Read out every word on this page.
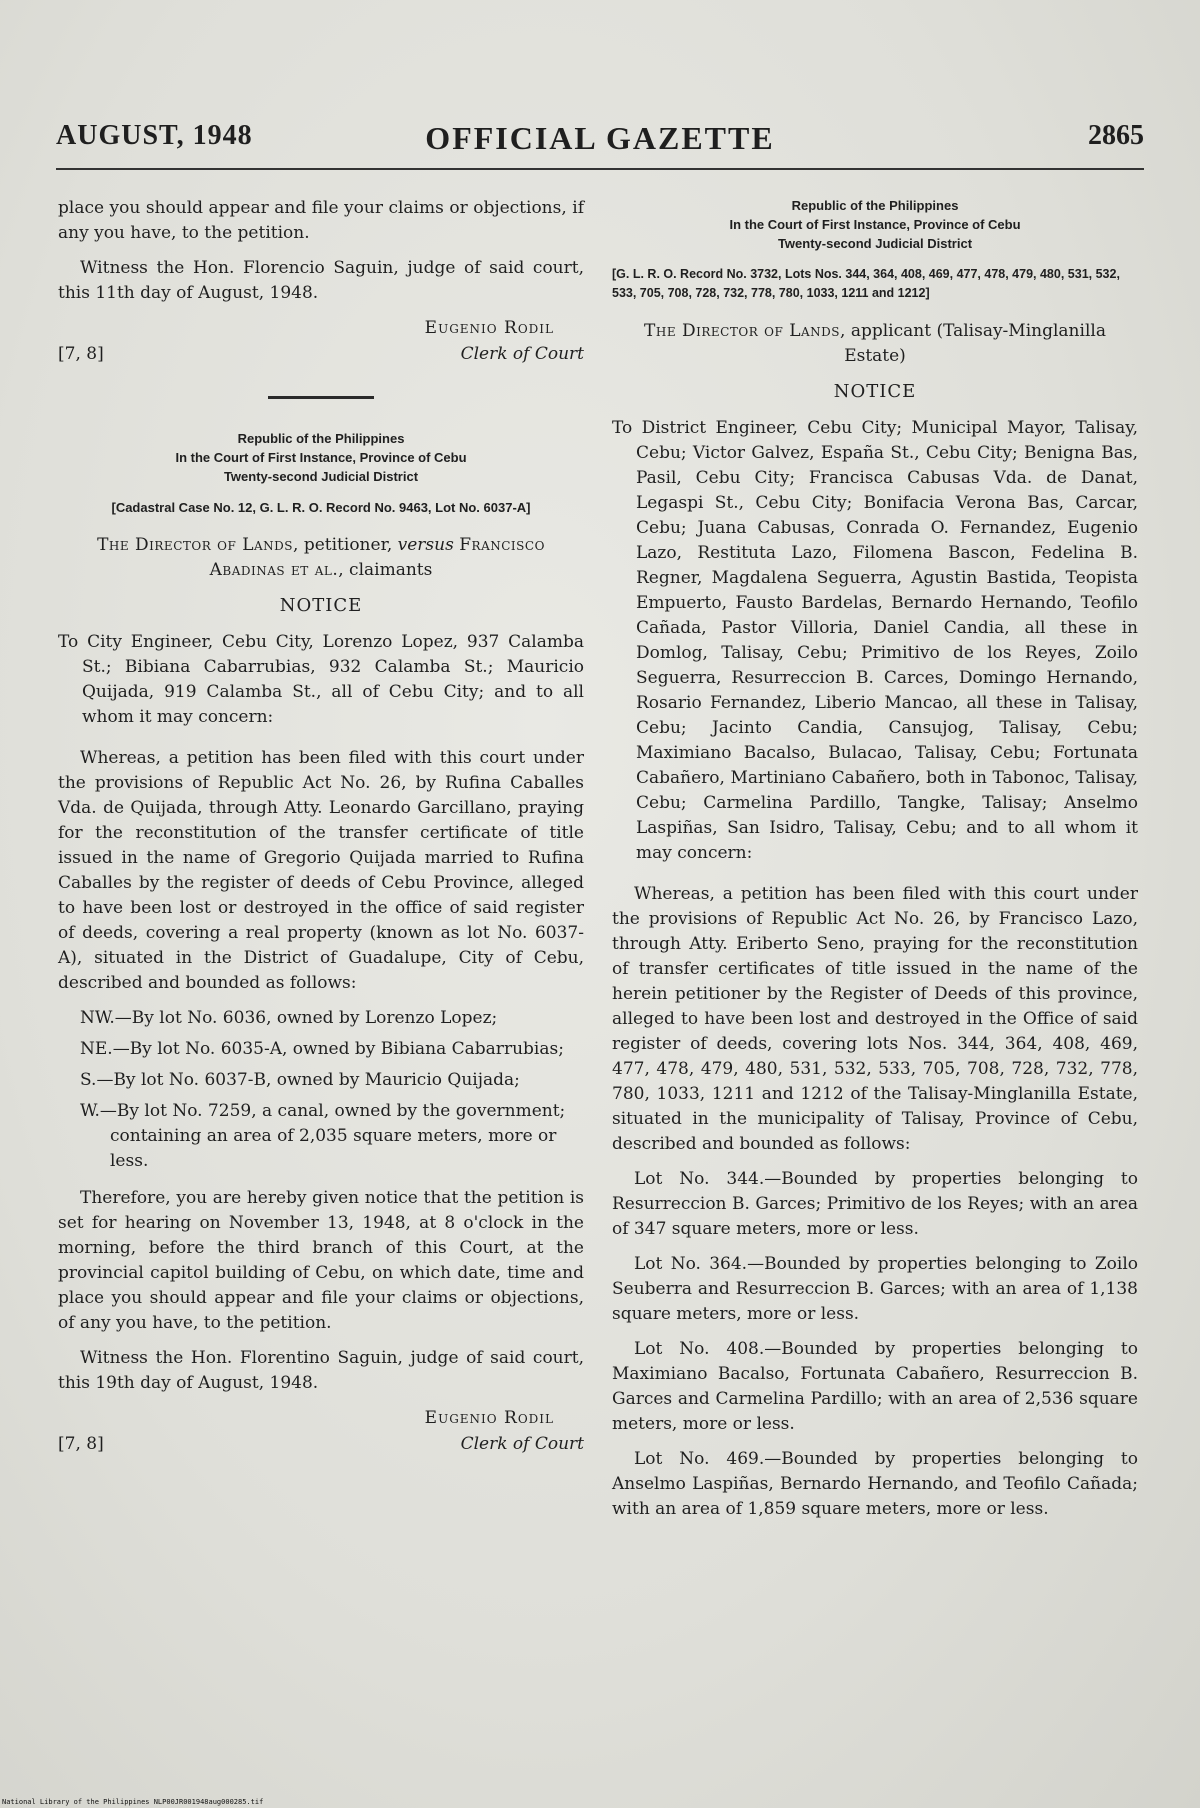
AUGUST, 1948	OFFICIAL GAZETTE	2865

place you should appear and file your claims or objections, if any you have, to the petition.

Witness the Hon. Florencio Saguin, judge of said court, this 11th day of August, 1948.

Eugenio Rodil
[7, 8]	Clerk of Court
Republic of the Philippines
In the Court of First Instance, Province of Cebu
Twenty-second Judicial District
[Cadastral Case No. 12, G. L. R. O. Record No. 9463, Lot No. 6037-A]
The Director of Lands, petitioner, versus Francisco Abadinas et al., claimants
NOTICE

To City Engineer, Cebu City, Lorenzo Lopez, 937 Calamba St.; Bibiana Cabarrubias, 932 Calamba St.; Mauricio Quijada, 919 Calamba St., all of Cebu City; and to all whom it may concern:

Whereas, a petition has been filed with this court under the provisions of Republic Act No. 26, by Rufina Caballes Vda. de Quijada, through Atty. Leonardo Garcillano, praying for the reconstitution of the transfer certificate of title issued in the name of Gregorio Quijada married to Rufina Caballes by the register of deeds of Cebu Province, alleged to have been lost or destroyed in the office of said register of deeds, covering a real property (known as lot No. 6037-A), situated in the District of Guadalupe, City of Cebu, described and bounded as follows:

NW.—By lot No. 6036, owned by Lorenzo Lopez;
NE.—By lot No. 6035-A, owned by Bibiana Cabarrubias;
S.—By lot No. 6037-B, owned by Mauricio Quijada;
W.—By lot No. 7259, a canal, owned by the government; containing an area of 2,035 square meters, more or less.

Therefore, you are hereby given notice that the petition is set for hearing on November 13, 1948, at 8 o'clock in the morning, before the third branch of this Court, at the provincial capitol building of Cebu, on which date, time and place you should appear and file your claims or objections, of any you have, to the petition.

Witness the Hon. Florentino Saguin, judge of said court, this 19th day of August, 1948.

Eugenio Rodil
[7, 8]	Clerk of Court
Republic of the Philippines
In the Court of First Instance, Province of Cebu
Twenty-second Judicial District
[G. L. R. O. Record No. 3732, Lots Nos. 344, 364, 408, 469, 477, 478, 479, 480, 531, 532, 533, 705, 708, 728, 732, 778, 780, 1033, 1211 and 1212]
The Director of Lands, applicant (Talisay-Minglanilla Estate)
NOTICE

To District Engineer, Cebu City; Municipal Mayor, Talisay, Cebu; Victor Galvez, España St., Cebu City; Benigna Bas, Pasil, Cebu City; Francisca Cabusas Vda. de Danat, Legaspi St., Cebu City; Bonifacia Verona Bas, Carcar, Cebu; Juana Cabusas, Conrada O. Fernandez, Eugenio Lazo, Restituta Lazo, Filomena Bascon, Fedelina B. Regner, Magdalena Seguerra, Agustin Bastida, Teopista Empuerto, Fausto Bardelas, Bernardo Hernando, Teofilo Cañada, Pastor Villoria, Daniel Candia, all these in Domlog, Talisay, Cebu; Primitivo de los Reyes, Zoilo Seguerra, Resurreccion B. Carces, Domingo Hernando, Rosario Fernandez, Liberio Mancao, all these in Talisay, Cebu; Jacinto Candia, Cansujog, Talisay, Cebu; Maximiano Bacalso, Bulacao, Talisay, Cebu; Fortunata Cabañero, Martiniano Cabañero, both in Tabonoc, Talisay, Cebu; Carmelina Pardillo, Tangke, Talisay; Anselmo Laspiñas, San Isidro, Talisay, Cebu; and to all whom it may concern:

Whereas, a petition has been filed with this court under the provisions of Republic Act No. 26, by Francisco Lazo, through Atty. Eriberto Seno, praying for the reconstitution of transfer certificates of title issued in the name of the herein petitioner by the Register of Deeds of this province, alleged to have been lost and destroyed in the Office of said register of deeds, covering lots Nos. 344, 364, 408, 469, 477, 478, 479, 480, 531, 532, 533, 705, 708, 728, 732, 778, 780, 1033, 1211 and 1212 of the Talisay-Minglanilla Estate, situated in the municipality of Talisay, Province of Cebu, described and bounded as follows:

Lot No. 344.—Bounded by properties belonging to Resurreccion B. Garces; Primitivo de los Reyes; with an area of 347 square meters, more or less.

Lot No. 364.—Bounded by properties belonging to Zoilo Seuberra and Resurreccion B. Garces; with an area of 1,138 square meters, more or less.

Lot No. 408.—Bounded by properties belonging to Maximiano Bacalso, Fortunata Cabañero, Resurreccion B. Garces and Carmelina Pardillo; with an area of 2,536 square meters, more or less.

Lot No. 469.—Bounded by properties belonging to Anselmo Laspiñas, Bernardo Hernando, and Teofilo Cañada; with an area of 1,859 square meters, more or less.

National Library of the Philippines NLP00JR001948aug000285.tif
